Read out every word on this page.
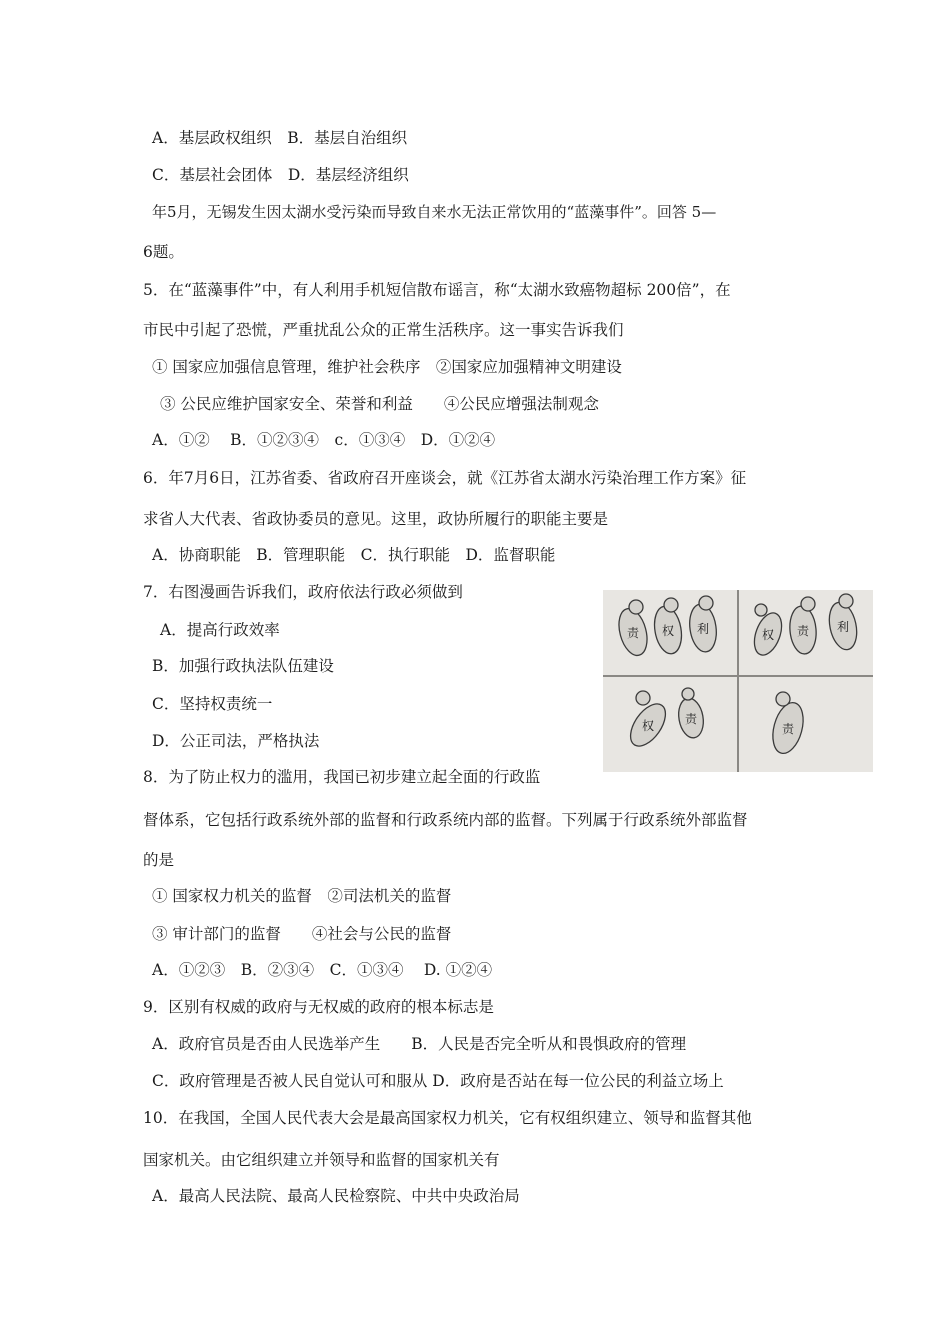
A．基层政权组织　B．基层自治组织
C．基层社会团体　D．基层经济组织
年5月，无锡发生因太湖水受污染而导致自来水无法正常饮用的“蓝藻事件”。回答 5—
6题。
5．在“蓝藻事件”中，有人利用手机短信散布谣言，称“太湖水致癌物超标 200倍”，在
市民中引起了恐慌，严重扰乱公众的正常生活秩序。这一事实告诉我们
① 国家应加强信息管理，维护社会秩序　②国家应加强精神文明建设
③ 公民应维护国家安全、荣誉和利益　　④公民应增强法制观念
A．①②　 B．①②③④　c．①③④　D．①②④
6．年7月6日，江苏省委、省政府召开座谈会，就《江苏省太湖水污染治理工作方案》征
求省人大代表、省政协委员的意见。这里，政协所履行的职能主要是
A．协商职能　B．管理职能　C．执行职能　D．监督职能
7．右图漫画告诉我们，政府依法行政必须做到
A．提高行政效率
B．加强行政执法队伍建设
C．坚持权责统一
D．公正司法，严格执法
8．为了防止权力的滥用，我国已初步建立起全面的行政监
督体系，它包括行政系统外部的监督和行政系统内部的监督。下列属于行政系统外部监督
的是
① 国家权力机关的监督　②司法机关的监督
③ 审计部门的监督　　④社会与公民的监督
A．①②③　B．②③④　C．①③④　 D. ①②④
9．区别有权威的政府与无权威的政府的根本标志是
A．政府官员是否由人民选举产生　　B．人民是否完全听从和畏惧政府的管理
C．政府管理是否被人民自觉认可和服从 D．政府是否站在每一位公民的利益立场上
10．在我国，全国人民代表大会是最高国家权力机关，它有权组织建立、领导和监督其他
国家机关。由它组织建立并领导和监督的国家机关有
A．最高人民法院、最高人民检察院、中共中央政治局
责 权 利	权 责 利
权	责
责
